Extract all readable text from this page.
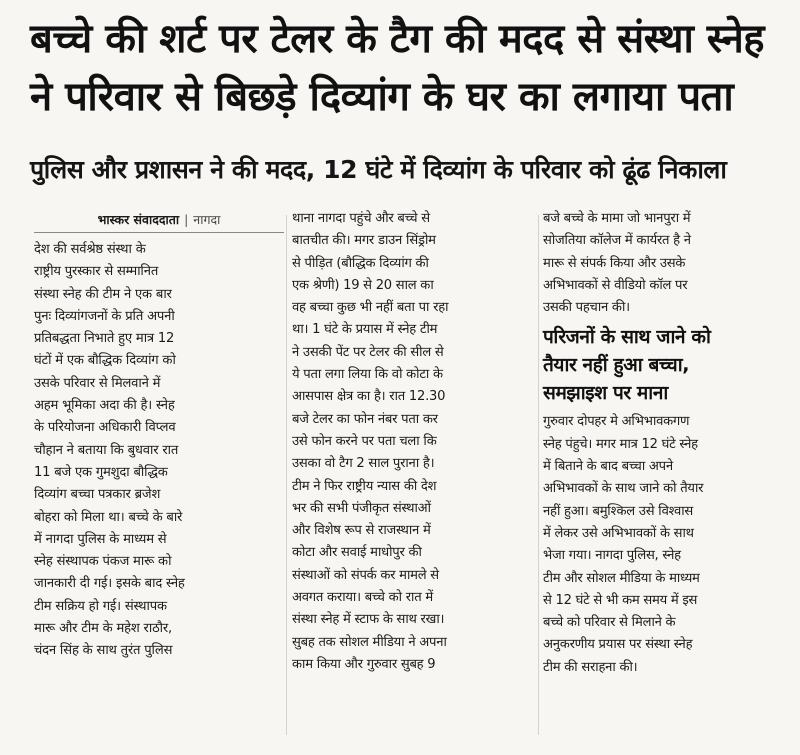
बच्चे की शर्ट पर टेलर के टैग की मदद से संस्था स्नेह
ने परिवार से बिछड़े दिव्यांग के घर का लगाया पता
पुलिस और प्रशासन ने की मदद, 12 घंटे में दिव्यांग के परिवार को ढूंढ निकाला
भास्कर संवाददाता | नागदा
देश की सर्वश्रेष्ठ संस्था के
राष्ट्रीय पुरस्कार से सम्मानित
संस्था स्नेह की टीम ने एक बार
पुनः दिव्यांगजनों के प्रति अपनी
प्रतिबद्धता निभाते हुए मात्र 12
घंटों में एक बौद्धिक दिव्यांग को
उसके परिवार से मिलवाने में
अहम भूमिका अदा की है। स्नेह
के परियोजना अधिकारी विप्लव
चौहान ने बताया कि बुधवार रात
11 बजे एक गुमशुदा बौद्धिक
दिव्यांग बच्चा पत्रकार ब्रजेश
बोहरा को मिला था। बच्चे के बारे
में नागदा पुलिस के माध्यम से
स्नेह संस्थापक पंकज मारू को
जानकारी दी गई। इसके बाद स्नेह
टीम सक्रिय हो गई। संस्थापक
मारू और टीम के महेश राठौर,
चंदन सिंह के साथ तुरंत पुलिस
थाना नागदा पहुंचे और बच्चे से
बातचीत की। मगर डाउन सिंड्रोम
से पीड़ित (बौद्धिक दिव्यांग की
एक श्रेणी) 19 से 20 साल का
वह बच्चा कुछ भी नहीं बता पा रहा
था। 1 घंटे के प्रयास में स्नेह टीम
ने उसकी पेंट पर टेलर की सील से
ये पता लगा लिया कि वो कोटा के
आसपास क्षेत्र का है। रात 12.30
बजे टेलर का फोन नंबर पता कर
उसे फोन करने पर पता चला कि
उसका वो टैग 2 साल पुराना है।
टीम ने फिर राष्ट्रीय न्यास की देश
भर की सभी पंजीकृत संस्थाओं
और विशेष रूप से राजस्थान में
कोटा और सवाई माधोपुर की
संस्थाओं को संपर्क कर मामले से
अवगत कराया। बच्चे को रात में
संस्था स्नेह में स्टाफ के साथ रखा।
सुबह तक सोशल मीडिया ने अपना
काम किया और गुरुवार सुबह 9
बजे बच्चे के मामा जो भानपुरा में
सोजतिया कॉलेज में कार्यरत है ने
मारू से संपर्क किया और उसके
अभिभावकों से वीडियो कॉल पर
उसकी पहचान की।
परिजनों के साथ जाने को
तैयार नहीं हुआ बच्चा,
समझाइश पर माना
गुरुवार दोपहर मे अभिभावकगण
स्नेह पंहुचे। मगर मात्र 12 घंटे स्नेह
में बिताने के बाद बच्चा अपने
अभिभावकों के साथ जाने को तैयार
नहीं हुआ। बमुश्किल उसे विश्वास
में लेकर उसे अभिभावकों के साथ
भेजा गया। नागदा पुलिस, स्नेह
टीम और सोशल मीडिया के माध्यम
से 12 घंटे से भी कम समय में इस
बच्चे को परिवार से मिलाने के
अनुकरणीय प्रयास पर संस्था स्नेह
टीम की सराहना की।
